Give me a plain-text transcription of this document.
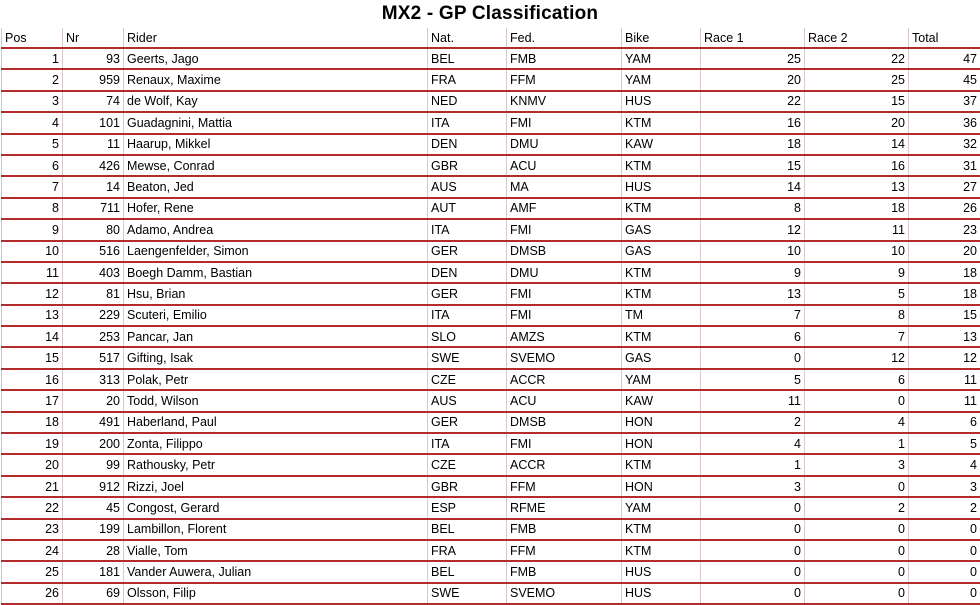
MX2 - GP Classification
Pos	Nr	Rider	Nat.	Fed.	Bike	Race 1	Race 2	Total
1	93	Geerts, Jago	BEL	FMB	YAM	25	22	47
2	959	Renaux, Maxime	FRA	FFM	YAM	20	25	45
3	74	de Wolf, Kay	NED	KNMV	HUS	22	15	37
4	101	Guadagnini, Mattia	ITA	FMI	KTM	16	20	36
5	11	Haarup, Mikkel	DEN	DMU	KAW	18	14	32
6	426	Mewse, Conrad	GBR	ACU	KTM	15	16	31
7	14	Beaton, Jed	AUS	MA	HUS	14	13	27
8	711	Hofer, Rene	AUT	AMF	KTM	8	18	26
9	80	Adamo, Andrea	ITA	FMI	GAS	12	11	23
10	516	Laengenfelder, Simon	GER	DMSB	GAS	10	10	20
11	403	Boegh Damm, Bastian	DEN	DMU	KTM	9	9	18
12	81	Hsu, Brian	GER	FMI	KTM	13	5	18
13	229	Scuteri, Emilio	ITA	FMI	TM	7	8	15
14	253	Pancar, Jan	SLO	AMZS	KTM	6	7	13
15	517	Gifting, Isak	SWE	SVEMO	GAS	0	12	12
16	313	Polak, Petr	CZE	ACCR	YAM	5	6	11
17	20	Todd, Wilson	AUS	ACU	KAW	11	0	11
18	491	Haberland, Paul	GER	DMSB	HON	2	4	6
19	200	Zonta, Filippo	ITA	FMI	HON	4	1	5
20	99	Rathousky, Petr	CZE	ACCR	KTM	1	3	4
21	912	Rizzi, Joel	GBR	FFM	HON	3	0	3
22	45	Congost, Gerard	ESP	RFME	YAM	0	2	2
23	199	Lambillon, Florent	BEL	FMB	KTM	0	0	0
24	28	Vialle, Tom	FRA	FFM	KTM	0	0	0
25	181	Vander Auwera, Julian	BEL	FMB	HUS	0	0	0
26	69	Olsson, Filip	SWE	SVEMO	HUS	0	0	0
